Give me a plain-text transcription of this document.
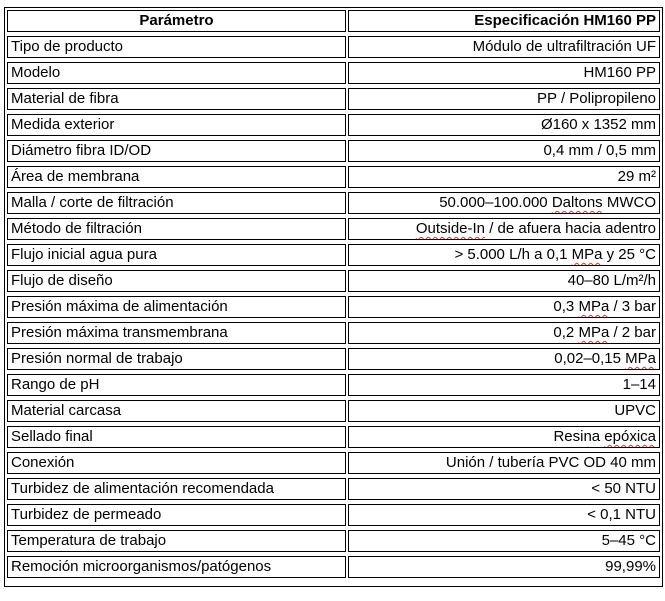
Parámetro	Especificación HM160 PP
Tipo de producto	Módulo de ultrafiltración UF
Modelo	HM160 PP
Material de fibra	PP / Polipropileno
Medida exterior	Ø160 x 1352 mm
Diámetro fibra ID/OD	0,4 mm / 0,5 mm
Área de membrana	29 m²
Malla / corte de filtración	50.000–100.000 Daltons MWCO
Método de filtración	Outside-In / de afuera hacia adentro
Flujo inicial agua pura	> 5.000 L/h a 0,1 MPa y 25 °C
Flujo de diseño	40–80 L/m²/h
Presión máxima de alimentación	0,3 MPa / 3 bar
Presión máxima transmembrana	0,2 MPa / 2 bar
Presión normal de trabajo	0,02–0,15 MPa
Rango de pH	1–14
Material carcasa	UPVC
Sellado final	Resina epóxica
Conexión	Unión / tubería PVC OD 40 mm
Turbidez de alimentación recomendada	< 50 NTU
Turbidez de permeado	< 0,1 NTU
Temperatura de trabajo	5–45 °C
Remoción microorganismos/patógenos	99,99%
